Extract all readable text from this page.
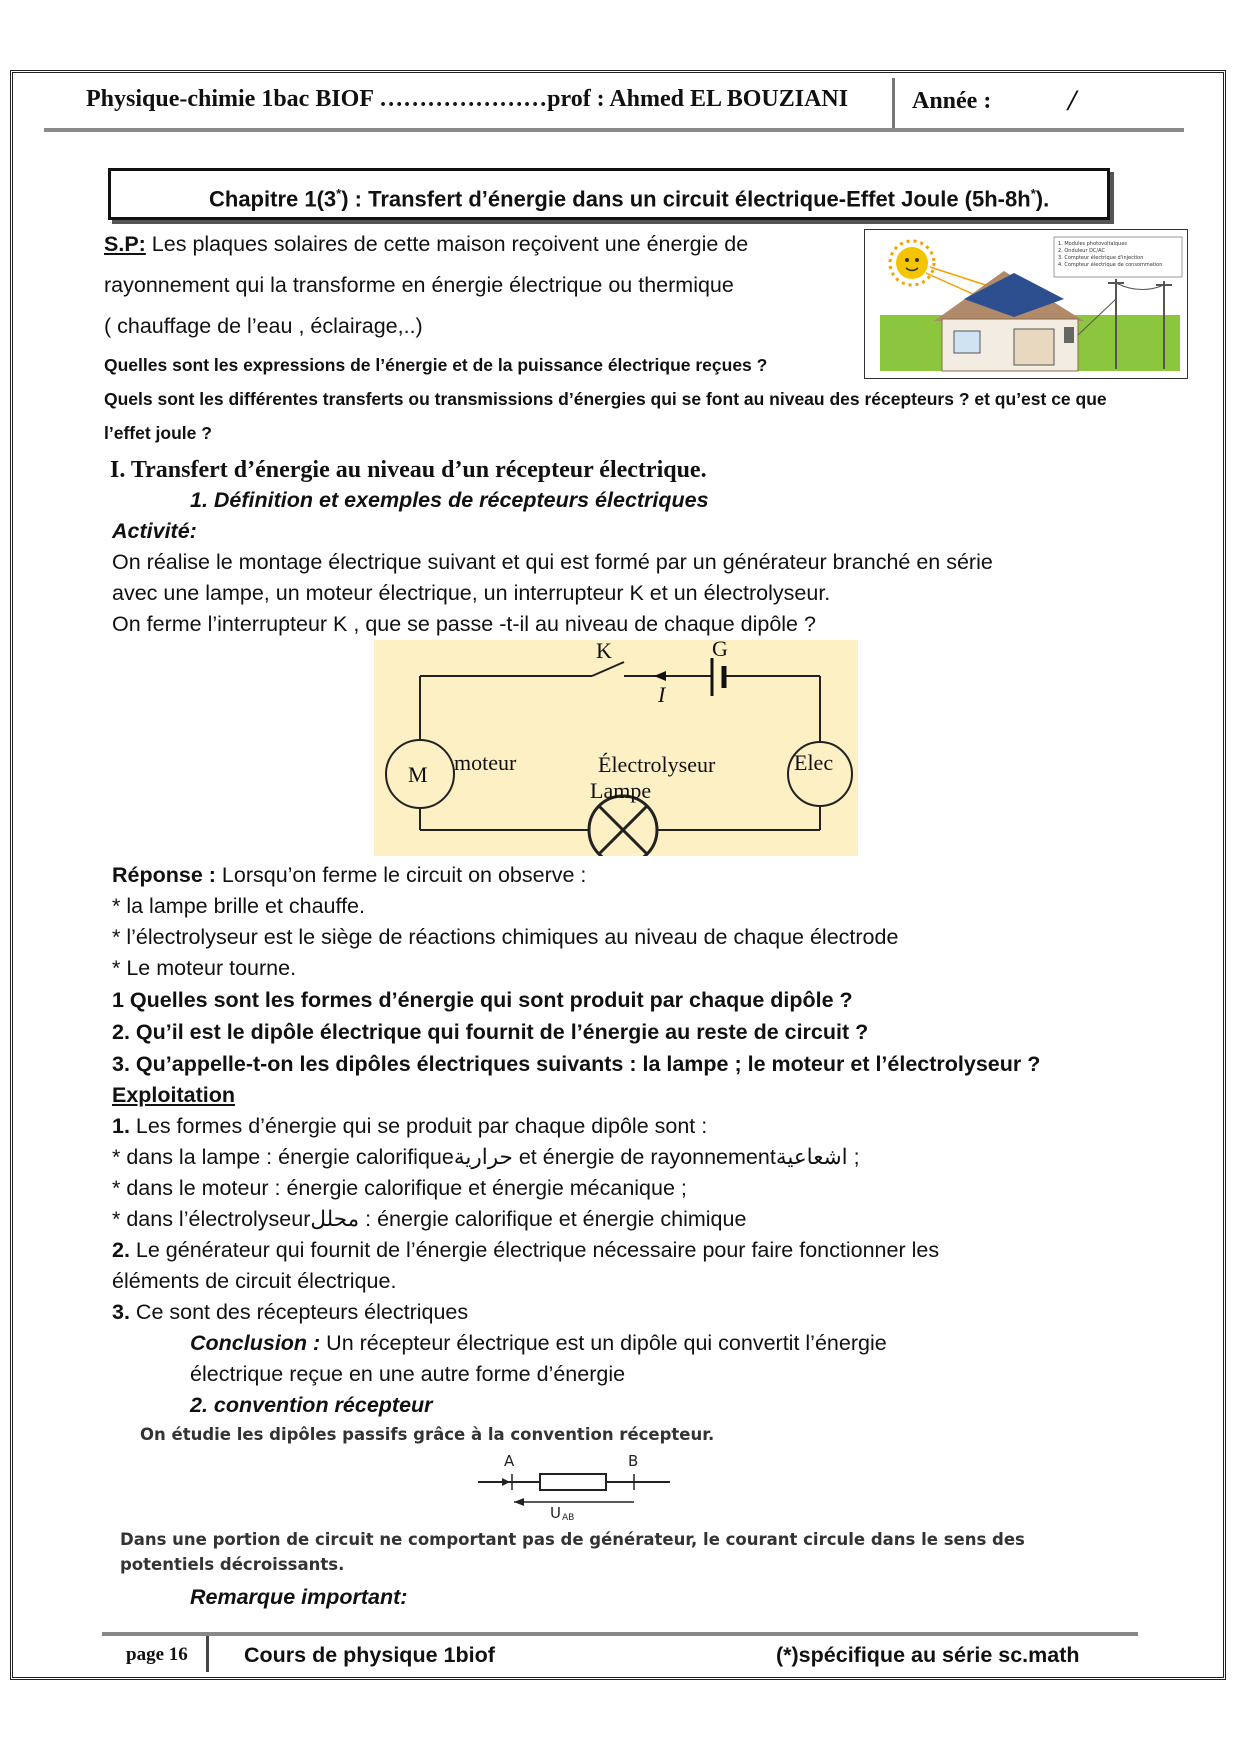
Physique-chimie 1bac BIOF …………………prof : Ahmed EL BOUZIANI	Année :	/
Chapitre 1(3*) : Transfert d’énergie dans un circuit électrique-Effet Joule (5h-8h*).
S.P: Les plaques solaires de cette maison reçoivent une énergie de
rayonnement qui la transforme en énergie électrique ou thermique
( chauffage de l’eau , éclairage,..)
Quelles sont les expressions de l’énergie et de la puissance électrique reçues ?
Quels sont les différentes transferts ou transmissions d’énergies qui se font au niveau des récepteurs ? et qu’est ce que
l’effet joule ?
1. Modules photovoltaïques
2. Onduleur DC/AC
3. Compteur électrique d'injection
4. Compteur électrique de consommation
I. Transfert d’énergie au niveau d’un récepteur électrique.
1. Définition et exemples de récepteurs électriques
Activité:
On réalise le montage électrique suivant et qui est formé par un générateur branché en série
avec une lampe, un moteur électrique, un interrupteur K et un électrolyseur.
On ferme l’interrupteur K , que se passe -t-il au niveau de chaque dipôle ?
K	G
I
M moteur	Électrolyseur	Elec
Lampe
Réponse : Lorsqu’on ferme le circuit on observe :
* la lampe brille et chauffe.
* l’électrolyseur est le siège de réactions chimiques au niveau de chaque électrode
* Le moteur tourne.
1 Quelles sont les formes d’énergie qui sont produit par chaque dipôle ?
2. Qu’il est le dipôle électrique qui fournit de l’énergie au reste de circuit ?
3. Qu’appelle-t-on les dipôles électriques suivants : la lampe ; le moteur et l’électrolyseur ?
Exploitation
1. Les formes d’énergie qui se produit par chaque dipôle sont :
* dans la lampe : énergie calorifiqueحرارية et énergie de rayonnementاشعاعية ;
* dans le moteur : énergie calorifique et énergie mécanique ;
* dans l’électrolyseurمحلل : énergie calorifique et énergie chimique
2. Le générateur qui fournit de l’énergie électrique nécessaire pour faire fonctionner les
éléments de circuit électrique.
3. Ce sont des récepteurs électriques
Conclusion : Un récepteur électrique est un dipôle qui convertit l’énergie
électrique reçue en une autre forme d’énergie
2. convention récepteur
On étudie les dipôles passifs grâce à la convention récepteur.
A	B
U AB
Dans une portion de circuit ne comportant pas de générateur, le courant circule dans le sens des
potentiels décroissants.
Remarque important:
page 16	Cours de physique 1biof	(*)spécifique au série sc.math
